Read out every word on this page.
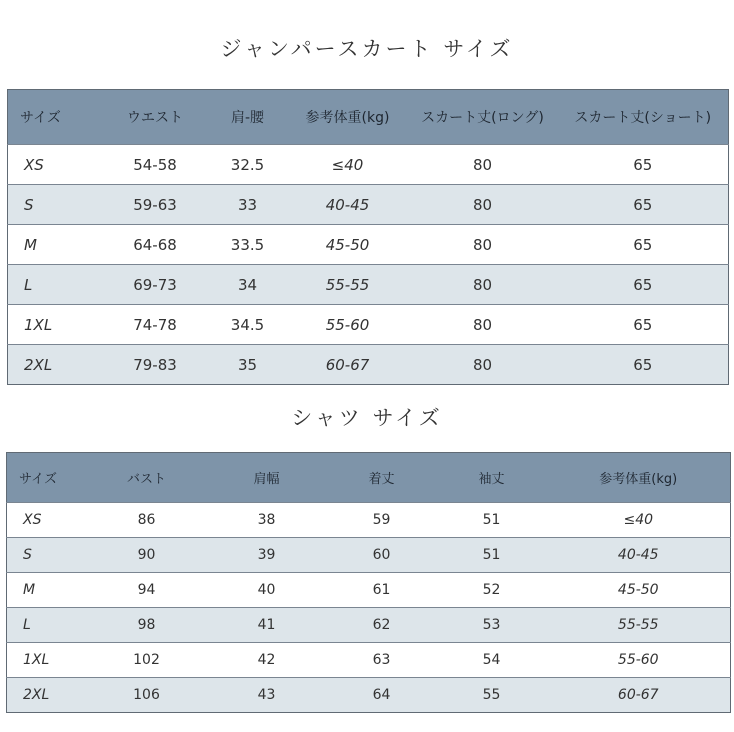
ジャンパースカート サイズ
サイズ	ウエスト	肩-腰	参考体重(kg)	スカート丈(ロング)	スカート丈(ショート)
XS	54-58	32.5	≤40	80	65
S	59-63	33	40-45	80	65
M	64-68	33.5	45-50	80	65
L	69-73	34	55-55	80	65
1XL	74-78	34.5	55-60	80	65
2XL	79-83	35	60-67	80	65
シャツ サイズ
サイズ	バスト	肩幅	着丈	袖丈	参考体重(kg)
XS	86	38	59	51	≤40
S	90	39	60	51	40-45
M	94	40	61	52	45-50
L	98	41	62	53	55-55
1XL	102	42	63	54	55-60
2XL	106	43	64	55	60-67
